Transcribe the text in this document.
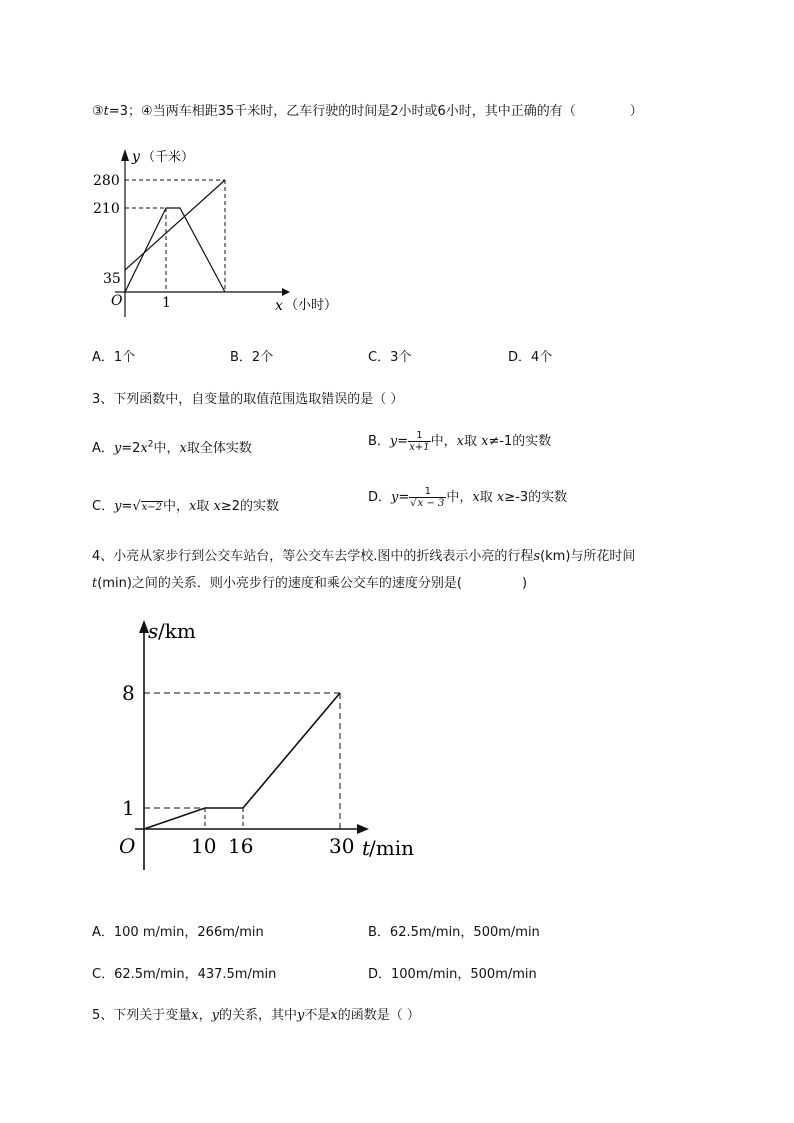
③t=3；④当两车相距35千米时，乙车行驶的时间是2小时或6小时，其中正确的有（	）
y （千米）
280
210
35
O	1	x （小时）
A．1个	B．2个	C．3个	D．4个
3、下列函数中，自变量的取值范围选取错误的是（ ）
A．$y=2x^2$中，x取全体实数	B．$y= \frac{1}{x+1}$ 中，x取 x≠-1的实数
C．y=√x−2中，x取 x≥2的实数
D．$y= \frac{1}{√x - 3}$ 中，x取 x≥-3的实数
4、小亮从家步行到公交车站台，等公交车去学校.图中的折线表示小亮的行程s(km)与所花时间
t(min)之间的关系．则小亮步行的速度和乘公交车的速度分别是(	)
s /km
8
1
O	10 16	30 t
/min
A．100 m/min，266m/min	B．62.5m/min，500m/min
C．62.5m/min，437.5m/min	D．100m/min，500m/min
5、下列关于变量x，y的关系，其中y不是x的函数是（ ）
